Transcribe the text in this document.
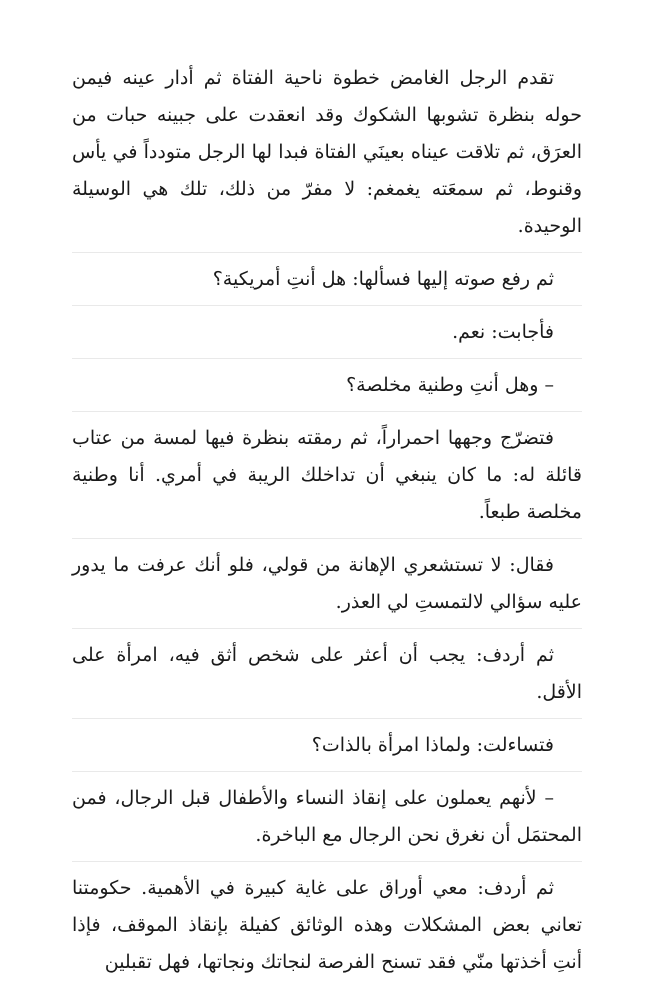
تقدم الرجل الغامض خطوة ناحية الفتاة ثم أدار عينه فيمن حوله بنظرة تشوبها الشكوك وقد انعقدت على جبينه حبات من العرَق، ثم تلاقت عيناه بعينَي الفتاة فبدا لها الرجل متودداً في يأس وقنوط، ثم سمعَته يغمغم: لا مفرّ من ذلك، تلك هي الوسيلة الوحيدة.

ثم رفع صوته إليها فسألها: هل أنتِ أمريكية؟

فأجابت: نعم.

– وهل أنتِ وطنية مخلصة؟

فتضرّج وجهها احمراراً، ثم رمقته بنظرة فيها لمسة من عتاب قائلة له: ما كان ينبغي أن تداخلك الريبة في أمري. أنا وطنية مخلصة طبعاً.

فقال: لا تستشعري الإهانة من قولي، فلو أنك عرفت ما يدور عليه سؤالي لالتمستِ لي العذر.

ثم أردف: يجب أن أعثر على شخص أثق فيه، امرأة على الأقل.

فتساءلت: ولماذا امرأة بالذات؟

– لأنهم يعملون على إنقاذ النساء والأطفال قبل الرجال، فمن المحتمَل أن نغرق نحن الرجال مع الباخرة.

ثم أردف: معي أوراق على غاية كبيرة في الأهمية. حكومتنا تعاني بعض المشكلات وهذه الوثائق كفيلة بإنقاذ الموقف، فإذا أنتِ أخذتها منّي فقد تسنح الفرصة لنجاتك ونجاتها، فهل تقبلين
